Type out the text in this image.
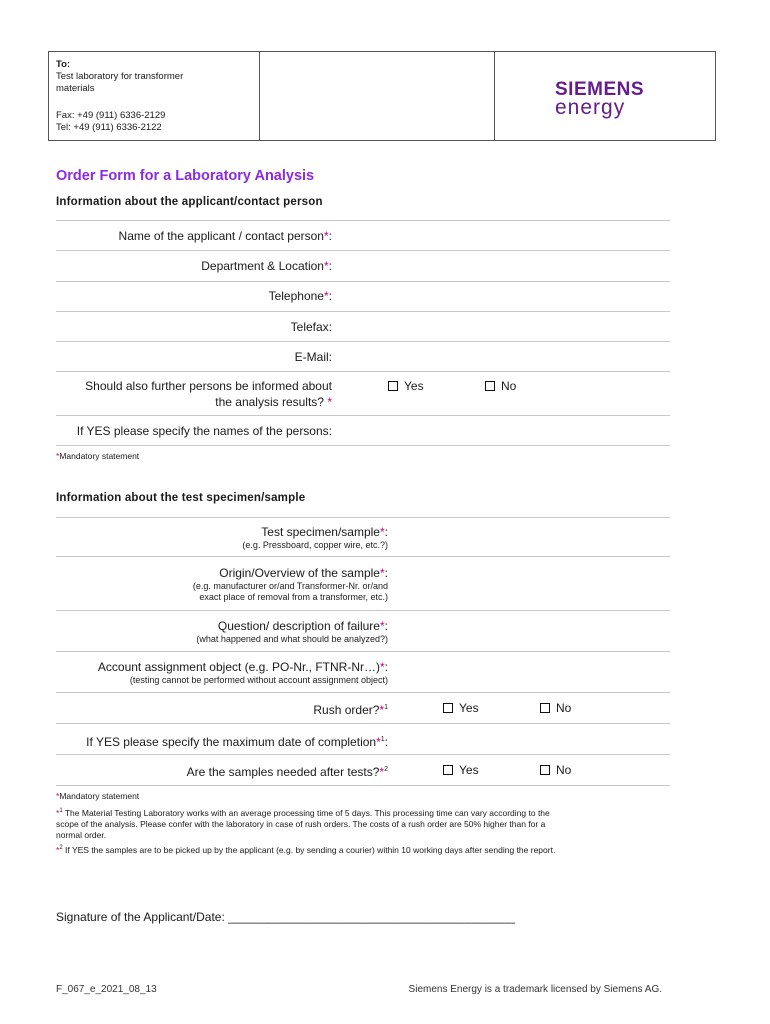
To:
Test laboratory for transformer
materials
Fax: +49 (911) 6336-2129
Tel: +49 (911) 6336-2122
SIEMENS
energy
Order Form for a Laboratory Analysis
Information about the applicant/contact person
Name of the applicant / contact person*:
Department & Location*:
Telephone*:
Telefax:
E-Mail:
Should also further persons be informed about
the analysis results? *
Yes	No
If YES please specify the names of the persons:
*Mandatory statement
Information about the test specimen/sample
Test specimen/sample*:
(e.g. Pressboard, copper wire, etc.?)
Origin/Overview of the sample*:
(e.g. manufacturer or/and Transformer-Nr. or/and
exact place of removal from a transformer, etc.)
Question/ description of failure*:
(what happened and what should be analyzed?)
Account assignment object (e.g. PO-Nr., FTNR-Nr…)*:
(testing cannot be performed without account assignment object)
Rush order?*$^1$	Yes	No
If YES please specify the maximum date of completion*$^1$:
Are the samples needed after tests?*$^2$	Yes	No
*Mandatory statement
*$^1$ The Material Testing Laboratory works with an average processing time of 5 days. This processing time can vary according to the
scope of the analysis. Please confer with the laboratory in case of rush orders. The costs of a rush order are 50% higher than for a
normal order.
*$^2$ If YES the samples are to be picked up by the applicant (e.g. by sending a courier) within 10 working days after sending the report.
Signature of the Applicant/Date: ___________________________________________
F_067_e_2021_08_13	Siemens Energy is a trademark licensed by Siemens AG.
